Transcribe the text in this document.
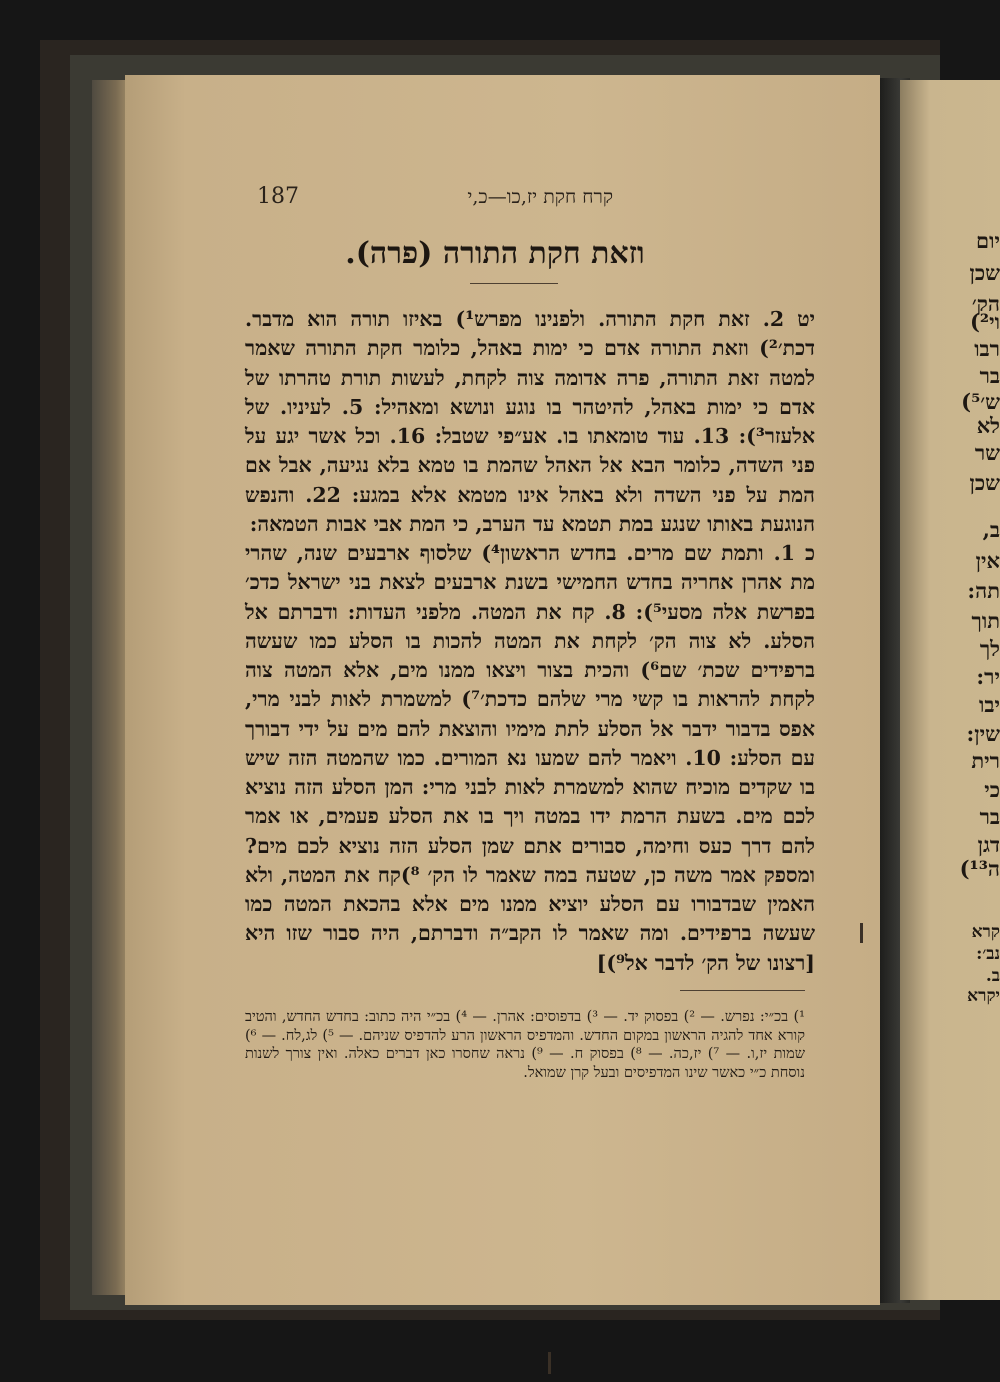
יום
שכן
הק׳
וי²)
רבו
בר
ש׳⁵)
לא
שר
שכן
ב,
אין
תה:
תוך
לך
יר:
יבו
שין:
רית
כי
בר
דגן
ה¹³)
קרא
נב׳:
ב.
יקרא
187	קרח חקת יז,כו—כ,י
וזאת חקת התורה (פרה).

יט 2. זאת חקת התורה. ולפנינו מפרש¹) באיזו תורה הוא מדבר. דכת׳²) וזאת התורה אדם כי ימות באהל, כלומר חקת התורה שאמר למטה זאת התורה, פרה אדומה צוה לקחת, לעשות תורת טהרתו של אדם כי ימות באהל, להיטהר בו נוגע ונושא ומאהיל: 5. לעיניו. של אלעזר³): 13. עוד טומאתו בו. אע״פי שטבל: 16. וכל אשר יגע על פני השדה, כלומר הבא אל האהל שהמת בו טמא בלא נגיעה, אבל אם המת על פני השדה ולא באהל אינו מטמא אלא במגע: 22. והנפש הנוגעת באותו שנגע במת תטמא עד הערב, כי המת אבי אבות הטמאה:

כ 1. ותמת שם מרים. בחדש הראשון⁴) שלסוף ארבעים שנה, שהרי מת אהרן אחריה בחדש החמישי בשנת ארבעים לצאת בני ישראל כדכ׳ בפרשת אלה מסעי⁵): 8. קח את המטה. מלפני העדות: ודברתם אל הסלע. לא צוה הק׳ לקחת את המטה להכות בו הסלע כמו שעשה ברפידים שכת׳ שם⁶) והכית בצור ויצאו ממנו מים, אלא המטה צוה לקחת להראות בו קשי מרי שלהם כדכת׳⁷) למשמרת לאות לבני מרי, אפס בדבור ידבר אל הסלע לתת מימיו והוצאת להם מים על ידי דבורך עם הסלע: 10. ויאמר להם שמעו נא המורים. כמו שהמטה הזה שיש בו שקדים מוכיח שהוא למשמרת לאות לבני מרי: המן הסלע הזה נוציא לכם מים. בשעת הרמת ידו במטה ויך בו את הסלע פעמים, או אמר להם דרך כעס וחימה, סבורים אתם שמן הסלע הזה נוציא לכם מים? ומספק אמר משה כן, שטעה במה שאמר לו הק׳ ⁸)קח את המטה, ולא האמין שבדבורו עם הסלע יוציא ממנו מים אלא בהכאת המטה כמו שעשה ברפידים. ומה שאמר לו הקב״ה ודברתם, היה סבור שזו היא [רצונו של הק׳ לדבר אל⁹)]

¹) בכ״י: נפרש. — ²) בפסוק יד. — ³) בדפוסים: אהרן. — ⁴) בכ״י היה כתוב: בחדש החדש, והטיב קורא אחד להגיה הראשון במקום החדש. והמדפיס הראשון הרע להדפיס שניהם. — ⁵) לג,לח. — ⁶) שמות יז,ו. — ⁷) יז,כה. — ⁸) בפסוק ח. — ⁹) נראה שחסרו כאן דברים כאלה. ואין צורך לשנות נוסחת כ״י כאשר שינו המדפיסים ובעל קרן שמואל.
